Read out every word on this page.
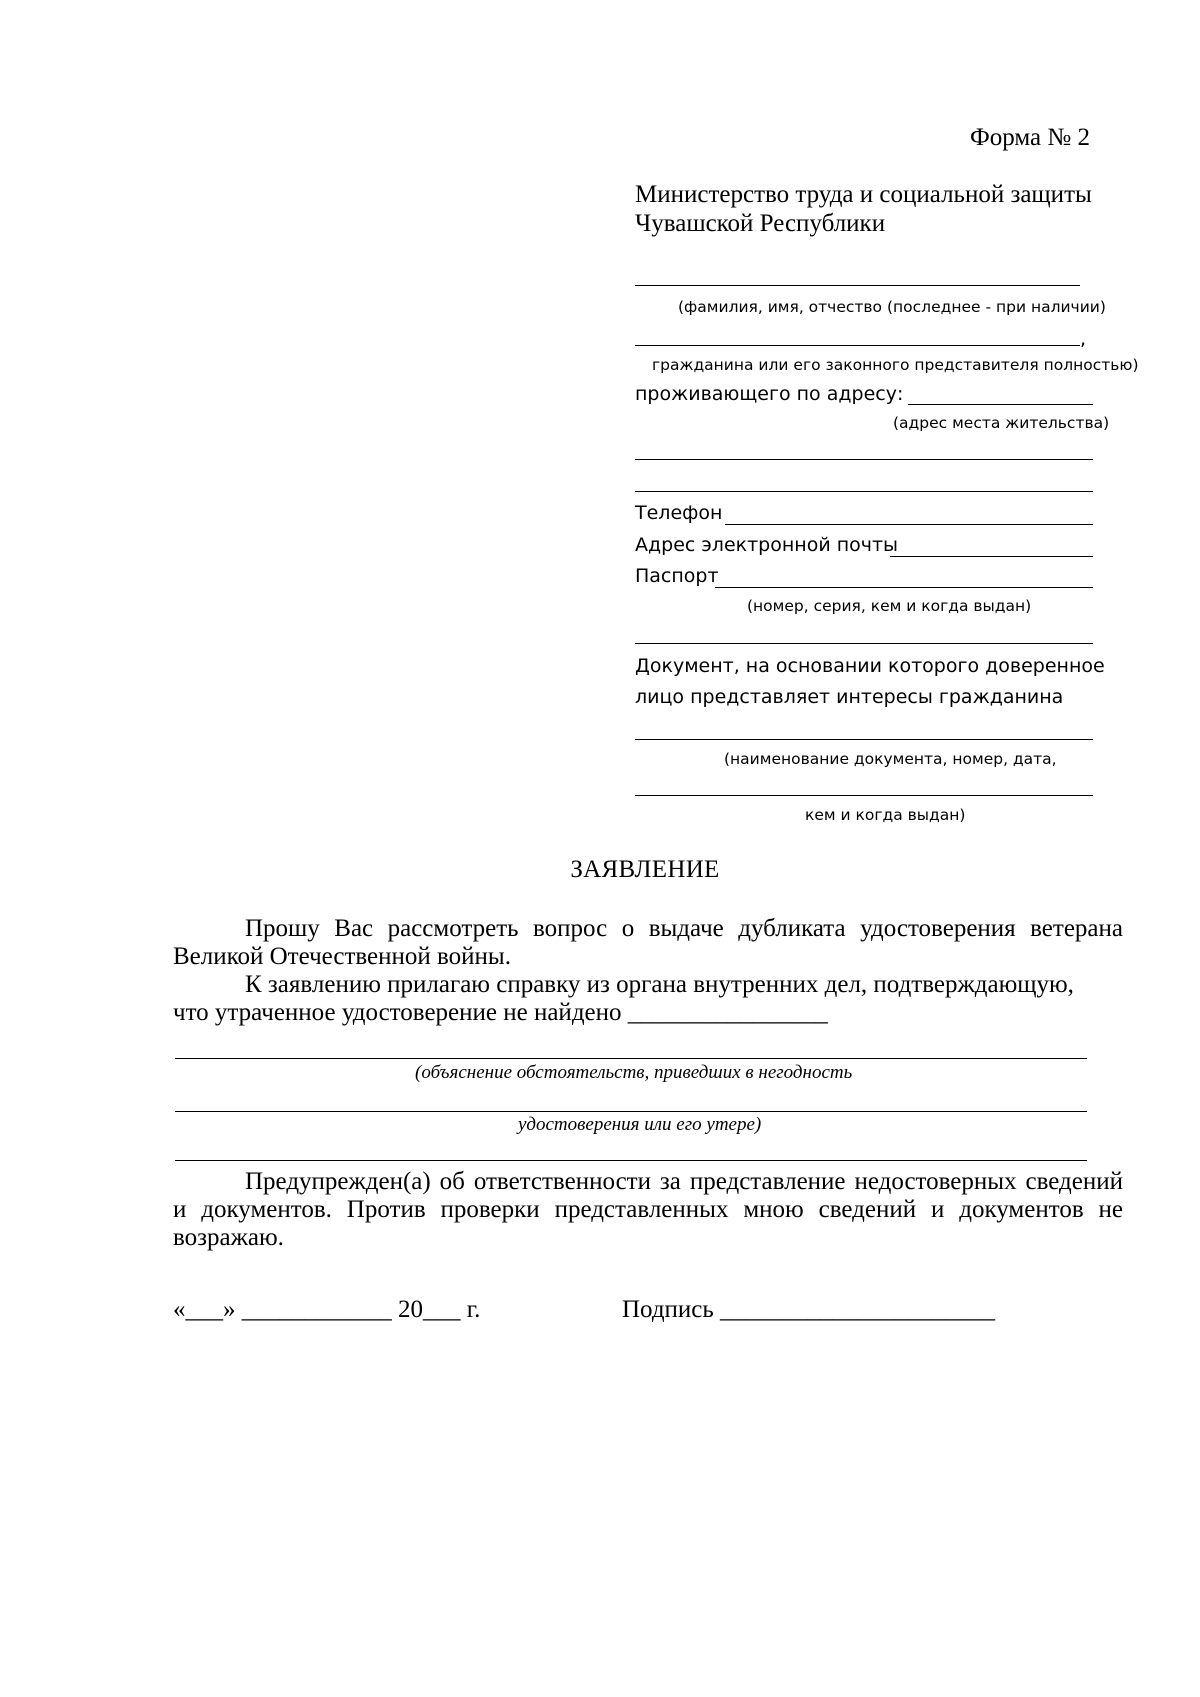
Форма № 2
Министерство труда и социальной защиты
Чувашской Республики
(фамилия, имя, отчество (последнее - при наличии)
,
гражданина или его законного представителя полностью)
проживающего по адресу:
(адрес места жительства)
Телефон
Адрес электронной почты
Паспорт
(номер, серия, кем и когда выдан)
Документ, на основании которого доверенное
лицо представляет интересы гражданина
(наименование документа, номер, дата,
кем и когда выдан)
ЗАЯВЛЕНИЕ
Прошу Вас рассмотреть вопрос о выдаче дубликата удостоверения ветерана Великой Отечественной войны.
К заявлению прилагаю справку из органа внутренних дел, подтверждающую,
что утраченное удостоверение не найдено ________________
(объяснение обстоятельств, приведших в негодность
удостоверения или его утере)
Предупрежден(а) об ответственности за представление недостоверных сведений и документов. Против проверки представленных мною сведений и документов не возражаю.
«___» ____________ 20___ г.	Подпись ______________________
